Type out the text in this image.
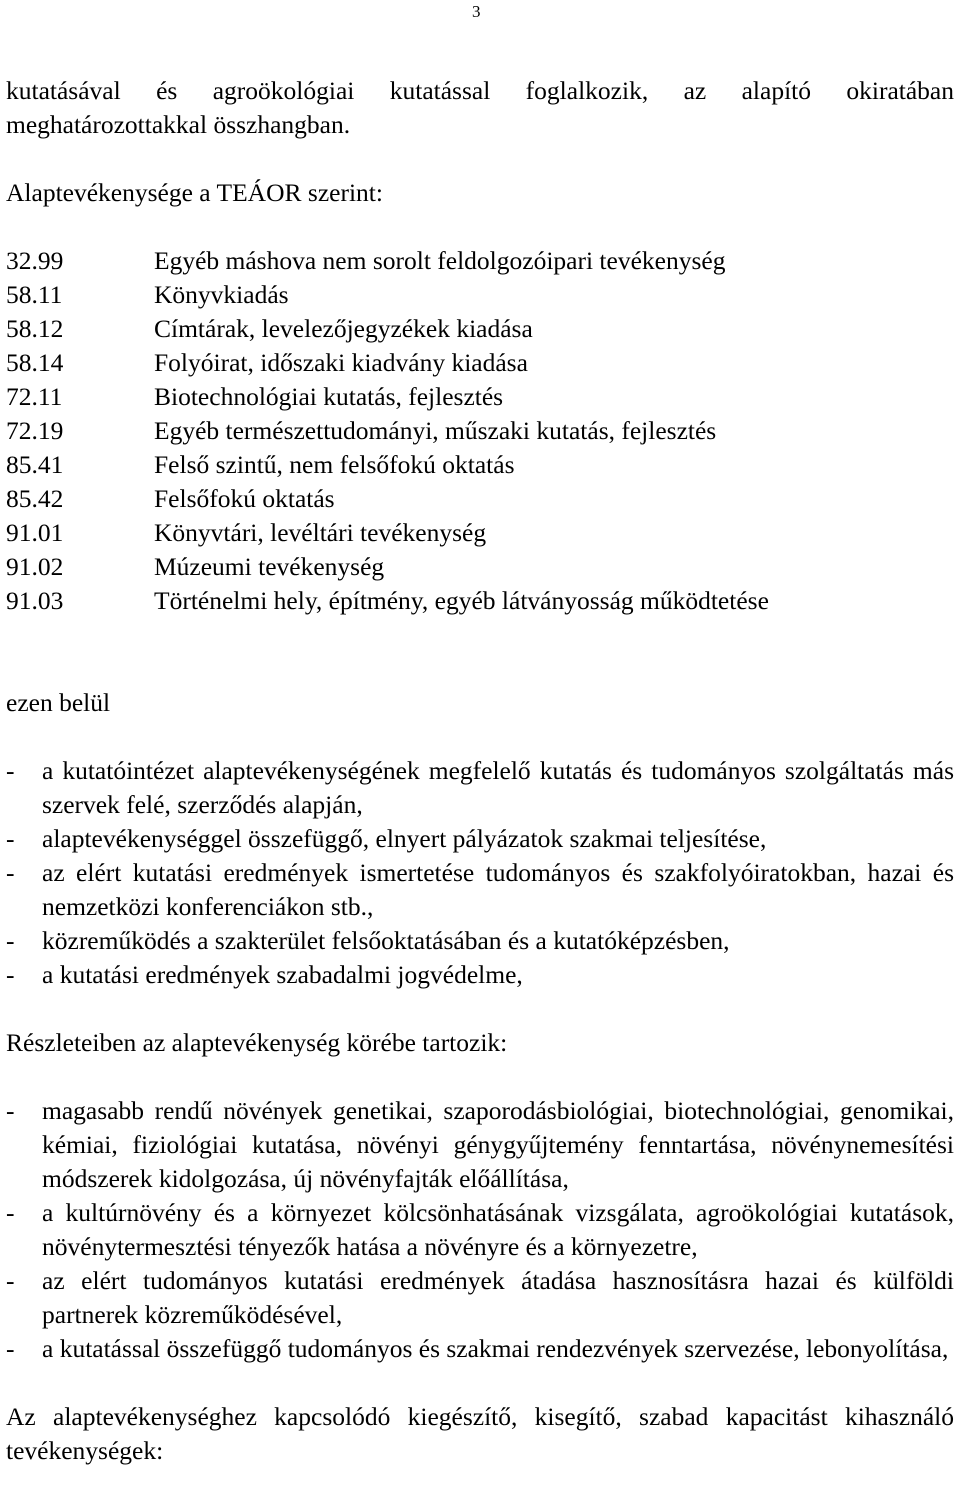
3

kutatásával és agroökológiai kutatással foglalkozik, az alapító okiratában meghatározottakkal összhangban.

Alaptevékenysége a TEÁOR szerint:

32.99	Egyéb máshova nem sorolt feldolgozóipari tevékenység
58.11	Könyvkiadás
58.12	Címtárak, levelezőjegyzékek kiadása
58.14	Folyóirat, időszaki kiadvány kiadása
72.11	Biotechnológiai kutatás, fejlesztés
72.19	Egyéb természettudományi, műszaki kutatás, fejlesztés
85.41	Felső szintű, nem felsőfokú oktatás
85.42	Felsőfokú oktatás
91.01	Könyvtári, levéltári tevékenység
91.02	Múzeumi tevékenység
91.03	Történelmi hely, építmény, egyéb látványosság működtetése

ezen belül

-	a kutatóintézet alaptevékenységének megfelelő kutatás és tudományos szolgáltatás más szervek felé, szerződés alapján,
-	alaptevékenységgel összefüggő, elnyert pályázatok szakmai teljesítése,
-	az elért kutatási eredmények ismertetése tudományos és szakfolyóiratokban, hazai és nemzetközi konferenciákon stb.,
-	közreműködés a szakterület felsőoktatásában és a kutatóképzésben,
-	a kutatási eredmények szabadalmi jogvédelme,

Részleteiben az alaptevékenység körébe tartozik:

-	magasabb rendű növények genetikai, szaporodásbiológiai, biotechnológiai, genomikai, kémiai, fiziológiai kutatása, növényi génygyűjtemény fenntartása, növénynemesítési módszerek kidolgozása, új növényfajták előállítása,
-	a kultúrnövény és a környezet kölcsönhatásának vizsgálata, agroökológiai kutatások, növénytermesztési tényezők hatása a növényre és a környezetre,
-	az elért tudományos kutatási eredmények átadása hasznosításra hazai és külföldi partnerek közreműködésével,
-	a kutatással összefüggő tudományos és szakmai rendezvények szervezése, lebonyolítása,

Az alaptevékenységhez kapcsolódó kiegészítő, kisegítő, szabad kapacitást kihasználó tevékenységek:
